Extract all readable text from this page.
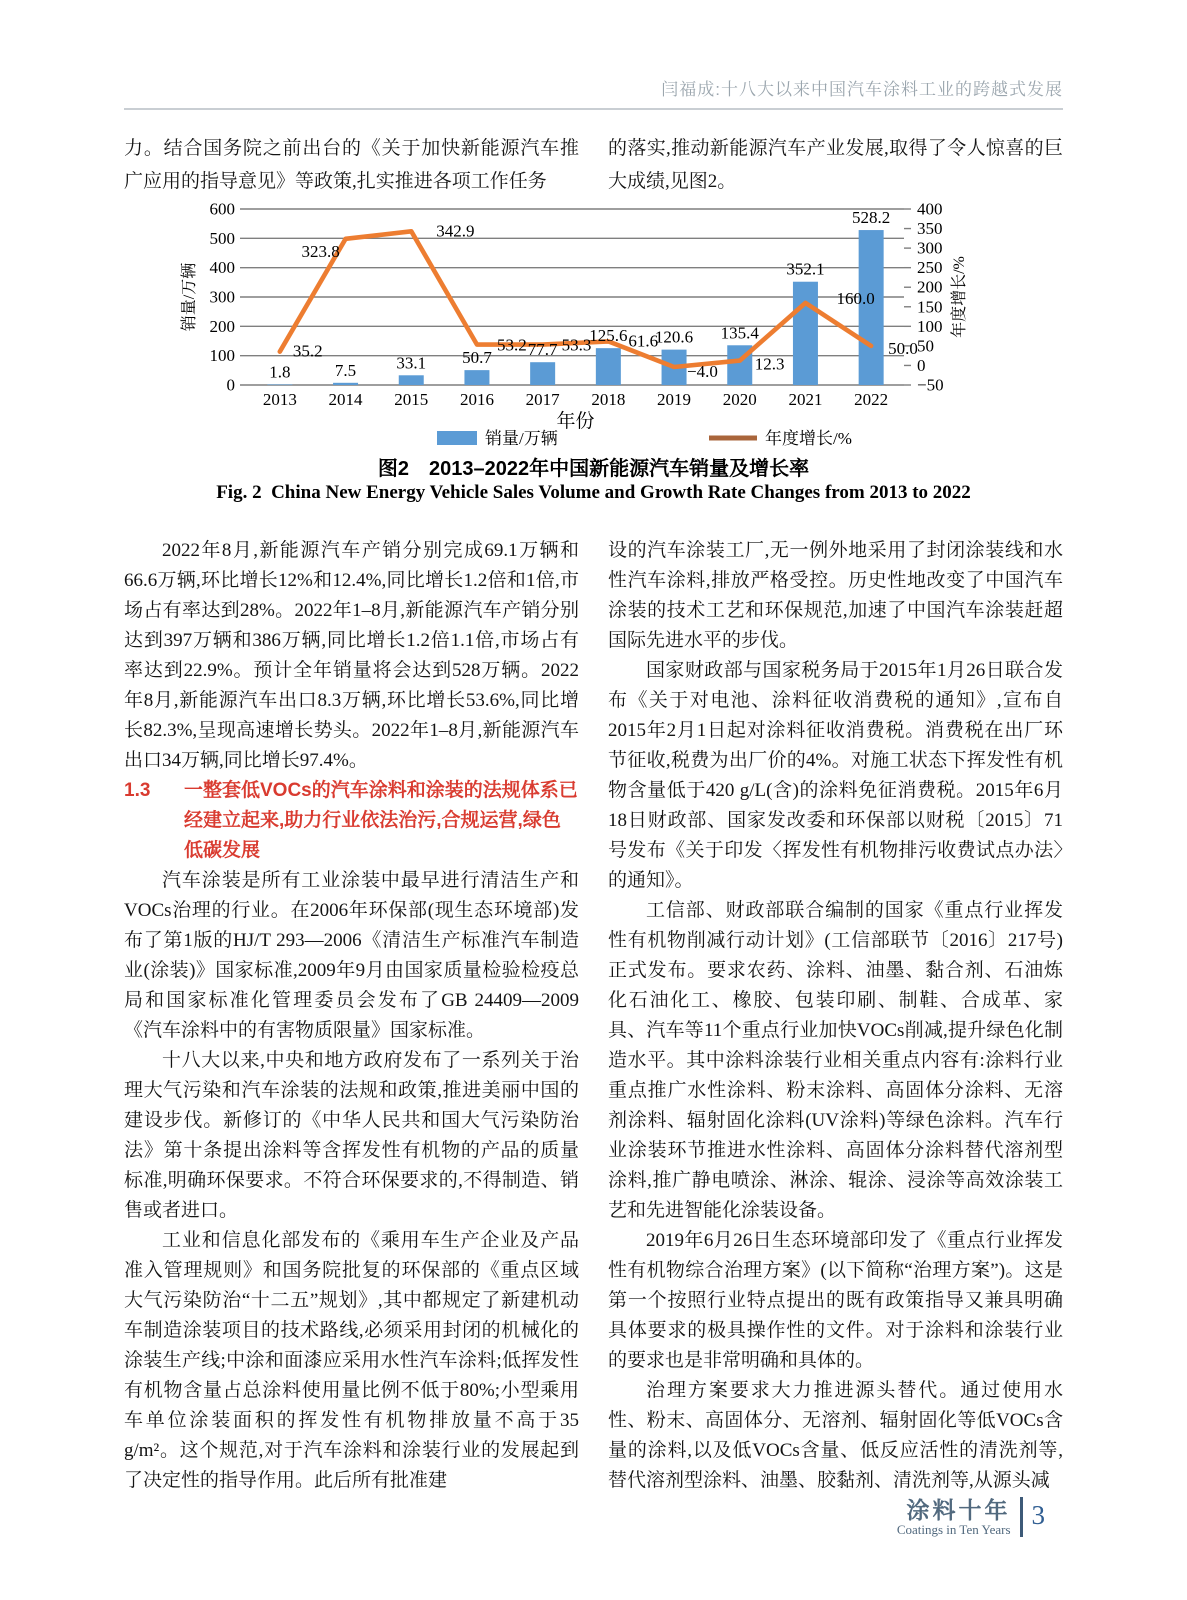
闫福成:十八大以来中国汽车涂料工业的跨越式发展

力。结合国务院之前出台的《关于加快新能源汽车推广应用的指导意见》等政策,扎实推进各项工作任务

的落实,推动新能源汽车产业发展,取得了令人惊喜的巨大成绩,见图2。

0
100
200
300
400
500
600
−50
0
50
100
150
200
250
300
350
400
1.8	7.5 33.1 50.7 77.7
125.6 120.6 135.4
352.1
528.2
35.2
323.8
342.9
53.2 53.3 61.6
−4.0 12.3
160.0
50.0
2013 2014 2015 2016 2017 2018 2019 2020 2021 2022
年份
销量/万辆	年度增长/%
销量/万辆	年度增长/%

图2　2013–2022年中国新能源汽车销量及增长率

Fig. 2 China New Energy Vehicle Sales Volume and Growth Rate Changes from 2013 to 2022

2022年8月,新能源汽车产销分别完成69.1万辆和66.6万辆,环比增长12%和12.4%,同比增长1.2倍和1倍,市场占有率达到28%。2022年1–8月,新能源汽车产销分别达到397万辆和386万辆,同比增长1.2倍1.1倍,市场占有率达到22.9%。预计全年销量将会达到528万辆。2022年8月,新能源汽车出口8.3万辆,环比增长53.6%,同比增长82.3%,呈现高速增长势头。2022年1–8月,新能源汽车出口34万辆,同比增长97.4%。

1.3 一整套低VOCs的汽车涂料和涂装的法规体系已经建立起来,助力行业依法治污,合规运营,绿色低碳发展

汽车涂装是所有工业涂装中最早进行清洁生产和VOCs治理的行业。在2006年环保部(现生态环境部)发布了第1版的HJ/T 293—2006《清洁生产标准汽车制造业(涂装)》国家标准,2009年9月由国家质量检验检疫总局和国家标准化管理委员会发布了GB 24409—2009《汽车涂料中的有害物质限量》国家标准。

十八大以来,中央和地方政府发布了一系列关于治理大气污染和汽车涂装的法规和政策,推进美丽中国的建设步伐。新修订的《中华人民共和国大气污染防治法》第十条提出涂料等含挥发性有机物的产品的质量标准,明确环保要求。不符合环保要求的,不得制造、销售或者进口。

工业和信息化部发布的《乘用车生产企业及产品准入管理规则》和国务院批复的环保部的《重点区域大气污染防治“十二五”规划》,其中都规定了新建机动车制造涂装项目的技术路线,必须采用封闭的机械化的涂装生产线;中涂和面漆应采用水性汽车涂料;低挥发性有机物含量占总涂料使用量比例不低于80%;小型乘用车单位涂装面积的挥发性有机物排放量不高于35 g/m²。这个规范,对于汽车涂料和涂装行业的发展起到了决定性的指导作用。此后所有批准建

设的汽车涂装工厂,无一例外地采用了封闭涂装线和水性汽车涂料,排放严格受控。历史性地改变了中国汽车涂装的技术工艺和环保规范,加速了中国汽车涂装赶超国际先进水平的步伐。

国家财政部与国家税务局于2015年1月26日联合发布《关于对电池、涂料征收消费税的通知》,宣布自2015年2月1日起对涂料征收消费税。消费税在出厂环节征收,税费为出厂价的4%。对施工状态下挥发性有机物含量低于420 g/L(含)的涂料免征消费税。2015年6月18日财政部、国家发改委和环保部以财税〔2015〕71号发布《关于印发〈挥发性有机物排污收费试点办法〉的通知》。

工信部、财政部联合编制的国家《重点行业挥发性有机物削减行动计划》(工信部联节〔2016〕217号)正式发布。要求农药、涂料、油墨、黏合剂、石油炼化石油化工、橡胶、包装印刷、制鞋、合成革、家具、汽车等11个重点行业加快VOCs削减,提升绿色化制造水平。其中涂料涂装行业相关重点内容有:涂料行业重点推广水性涂料、粉末涂料、高固体分涂料、无溶剂涂料、辐射固化涂料(UV涂料)等绿色涂料。汽车行业涂装环节推进水性涂料、高固体分涂料替代溶剂型涂料,推广静电喷涂、淋涂、辊涂、浸涂等高效涂装工艺和先进智能化涂装设备。

2019年6月26日生态环境部印发了《重点行业挥发性有机物综合治理方案》(以下简称“治理方案”)。这是第一个按照行业特点提出的既有政策指导又兼具明确具体要求的极具操作性的文件。对于涂料和涂装行业的要求也是非常明确和具体的。

治理方案要求大力推进源头替代。通过使用水性、粉末、高固体分、无溶剂、辐射固化等低VOCs含量的涂料,以及低VOCs含量、低反应活性的清洗剂等,替代溶剂型涂料、油墨、胶黏剂、清洗剂等,从源头减

涂料十年
Coatings in Ten Years 3
